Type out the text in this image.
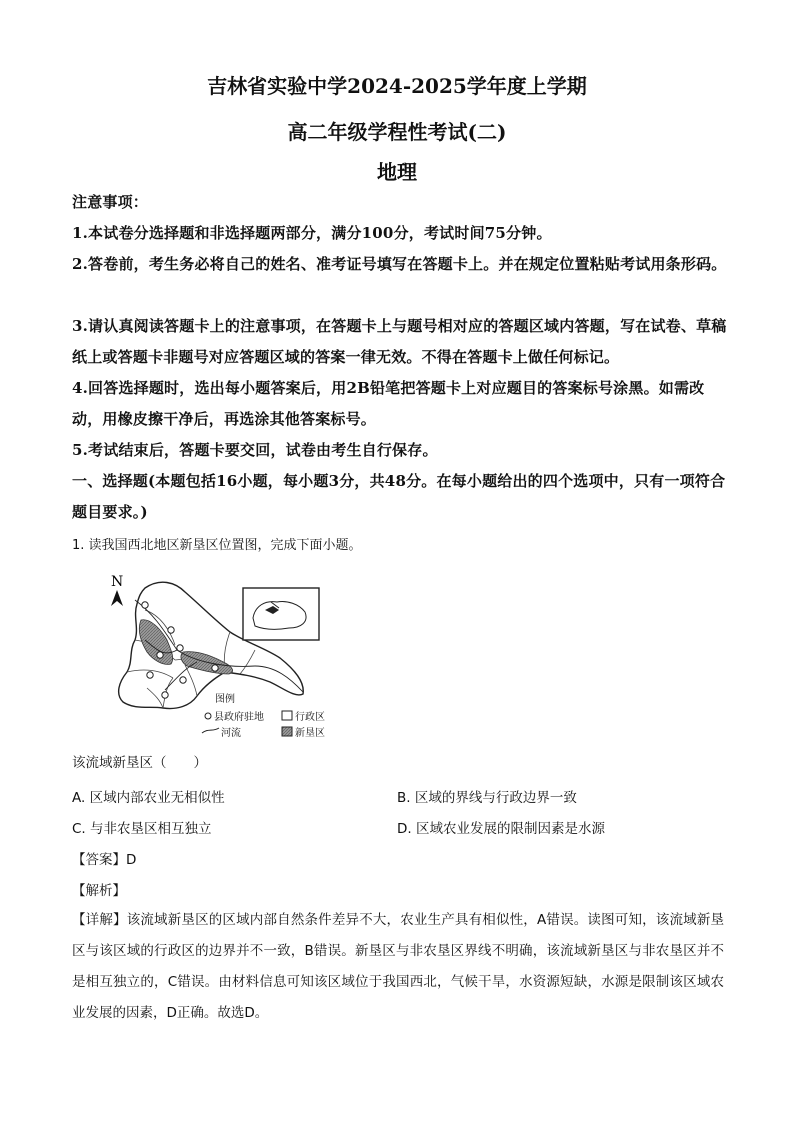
吉林省实验中学2024-2025学年度上学期
高二年级学程性考试(二)
地理
注意事项：
1.本试卷分选择题和非选择题两部分，满分100分，考试时间75分钟。
2.答卷前，考生务必将自己的姓名、准考证号填写在答题卡上。并在规定位置粘贴考试用条形码。
3.请认真阅读答题卡上的注意事项，在答题卡上与题号相对应的答题区域内答题，写在试卷、草稿纸上或答题卡非题号对应答题区域的答案一律无效。不得在答题卡上做任何标记。
4.回答选择题时，选出每小题答案后，用2B铅笔把答题卡上对应题目的答案标号涂黑。如需改动，用橡皮擦干净后，再选涂其他答案标号。
5.考试结束后，答题卡要交回，试卷由考生自行保存。
一、选择题(本题包括16小题，每小题3分，共48分。在每小题给出的四个选项中，只有一项符合题目要求。)
1. 读我国西北地区新垦区位置图，完成下面小题。
N
图例
县政府驻地	行政区
河流	新垦区
该流域新垦区（　　）
A. 区域内部农业无相似性	B. 区域的界线与行政边界一致
C. 与非农垦区相互独立	D. 区域农业发展的限制因素是水源
【答案】D
【解析】
【详解】该流域新垦区的区域内部自然条件差异不大，农业生产具有相似性，A错误。读图可知，该流域新垦区与该区域的行政区的边界并不一致，B错误。新垦区与非农垦区界线不明确，该流域新垦区与非农垦区并不是相互独立的，C错误。由材料信息可知该区域位于我国西北，气候干旱，水资源短缺，水源是限制该区域农业发展的因素，D正确。故选D。
